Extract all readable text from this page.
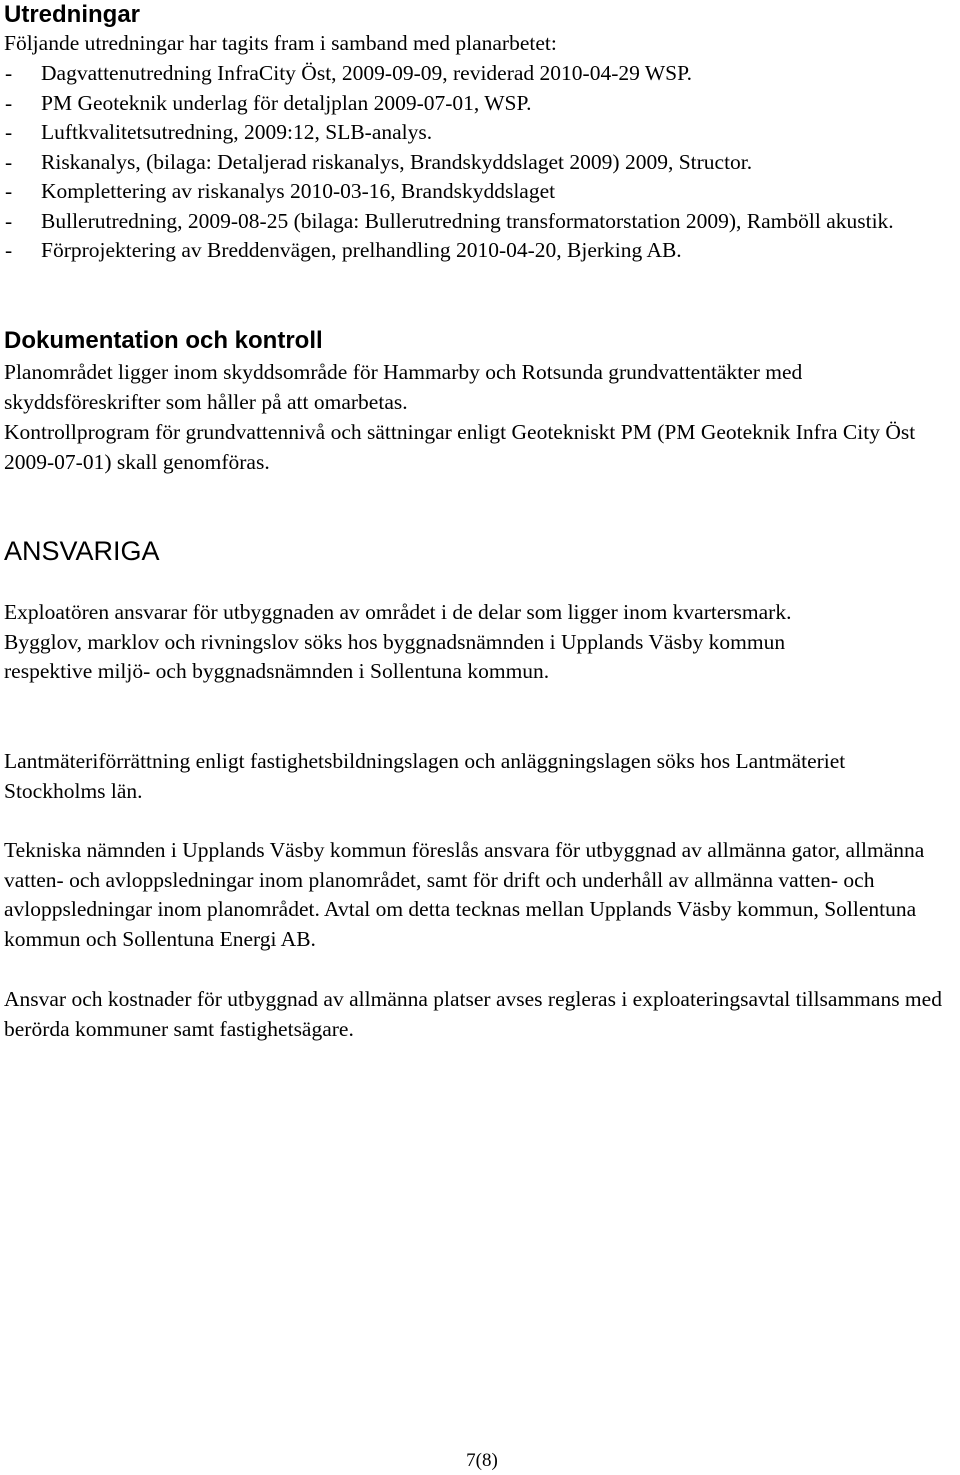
Utredningar

Följande utredningar har tagits fram i samband med planarbetet:

- Dagvattenutredning InfraCity Öst, 2009-09-09, reviderad 2010-04-29 WSP.
- PM Geoteknik underlag för detaljplan 2009-07-01, WSP.
- Luftkvalitetsutredning, 2009:12, SLB-analys.
- Riskanalys, (bilaga: Detaljerad riskanalys, Brandskyddslaget 2009) 2009, Structor.
- Komplettering av riskanalys 2010-03-16, Brandskyddslaget
- Bullerutredning, 2009-08-25 (bilaga: Bullerutredning transformatorstation 2009), Ramböll akustik.
- Förprojektering av Breddenvägen, prelhandling 2010-04-20, Bjerking AB.
Dokumentation och kontroll

Planområdet ligger inom skyddsområde för Hammarby och Rotsunda grundvattentäkter med skyddsföreskrifter som håller på att omarbetas.

Kontrollprogram för grundvattennivå och sättningar enligt Geotekniskt PM (PM Geoteknik Infra City Öst 2009-07-01) skall genomföras.

ANSVARIGA

Exploatören ansvarar för utbyggnaden av området i de delar som ligger inom kvartersmark. Bygglov, marklov och rivningslov söks hos byggnadsnämnden i Upplands Väsby kommun respektive miljö- och byggnadsnämnden i Sollentuna kommun.

Lantmäteriförrättning enligt fastighetsbildningslagen och anläggningslagen söks hos Lantmäteriet Stockholms län.

Tekniska nämnden i Upplands Väsby kommun föreslås ansvara för utbyggnad av allmänna gator, allmänna vatten- och avloppsledningar inom planområdet, samt för drift och underhåll av allmänna vatten- och avloppsledningar inom planområdet. Avtal om detta tecknas mellan Upplands Väsby kommun, Sollentuna kommun och Sollentuna Energi AB.

Ansvar och kostnader för utbyggnad av allmänna platser avses regleras i exploateringsavtal tillsammans med berörda kommuner samt fastighetsägare.

7(8)
